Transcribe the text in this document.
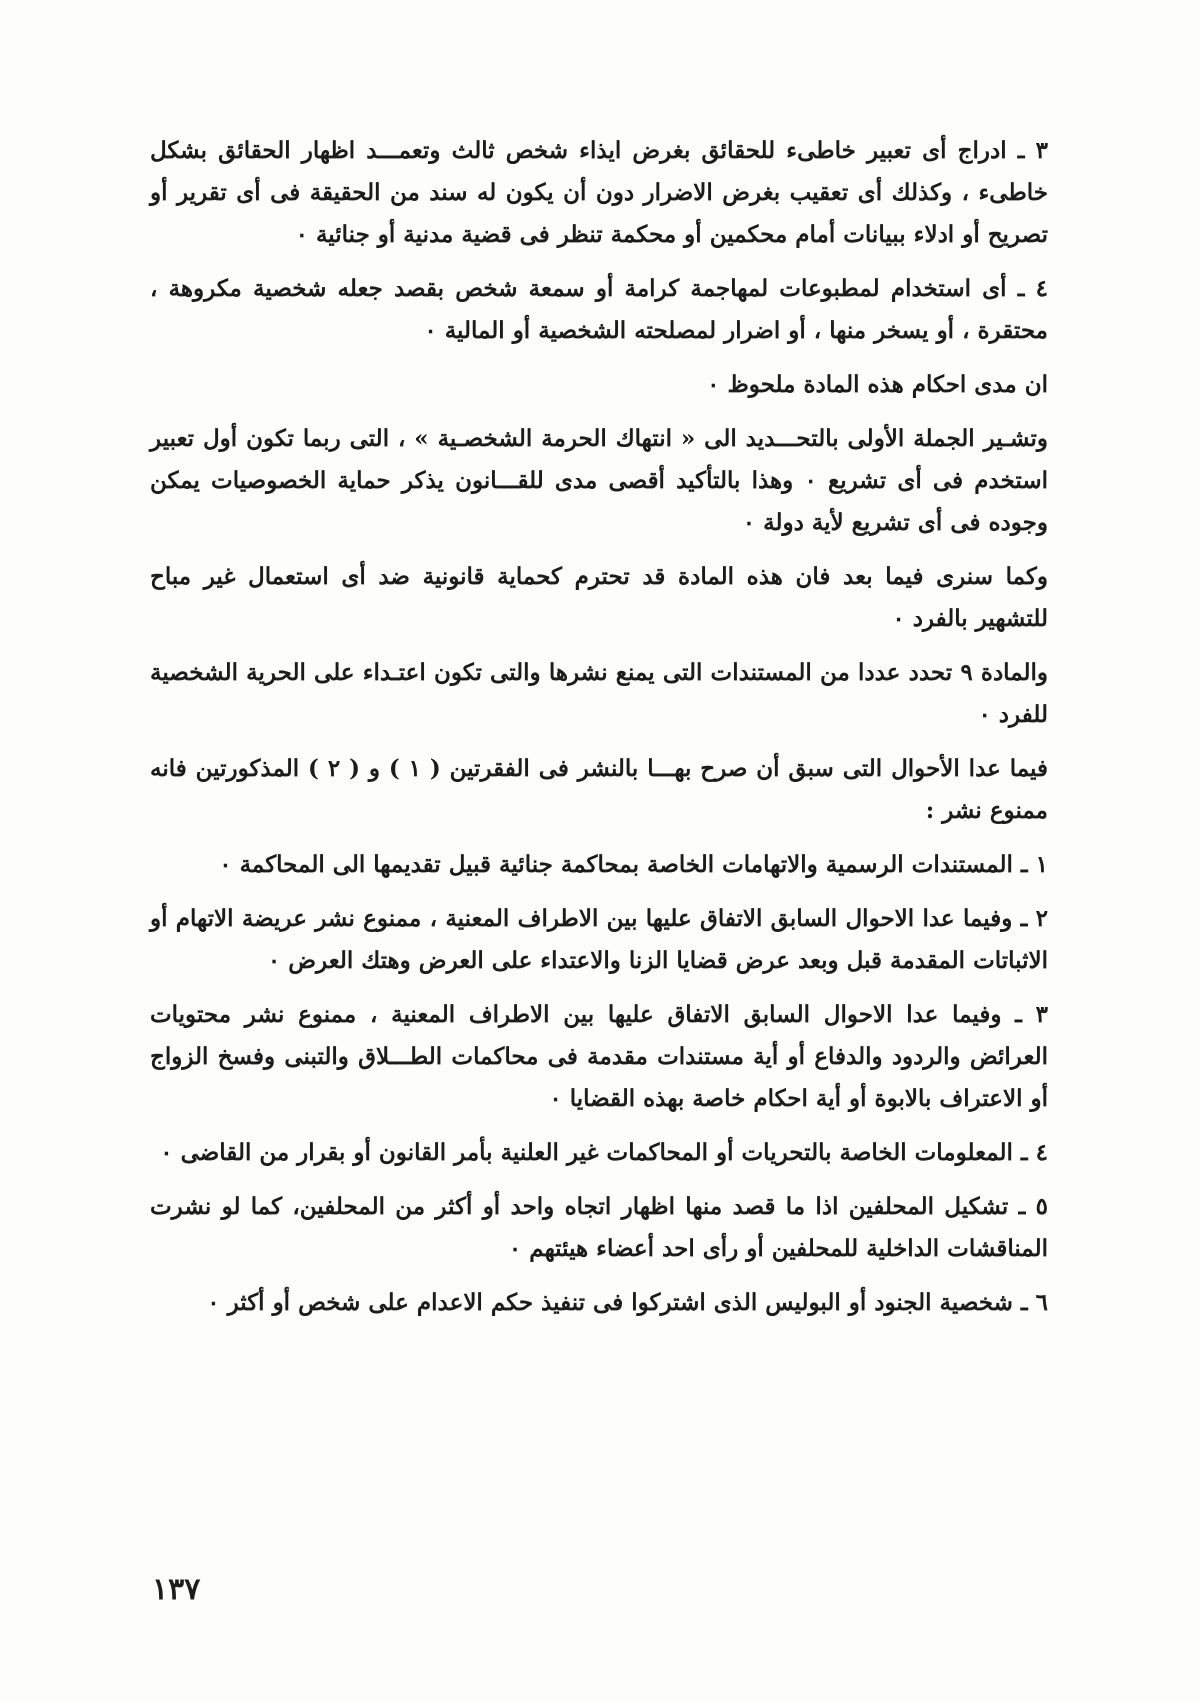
٣ ـ ادراج أى تعبير خاطىء للحقائق بغرض ايذاء شخص ثالث وتعمـــد اظهار الحقائق بشكل خاطىء ، وكذلك أى تعقيب بغرض الاضرار دون أن يكون له سند من الحقيقة فى أى تقرير أو تصريح أو ادلاء ببيانات أمام محكمين أو محكمة تنظر فى قضية مدنية أو جنائية ٠

٤ ـ أى استخدام لمطبوعات لمهاجمة كرامة أو سمعة شخص بقصد جعله شخصية مكروهة ، محتقرة ، أو يسخر منها ، أو اضرار لمصلحته الشخصية أو المالية ٠

ان مدى احكام هذه المادة ملحوظ ٠

وتشـير الجملة الأولى بالتحـــديد الى « انتهاك الحرمة الشخصـية » ، التى ربما تكون أول تعبير استخدم فى أى تشريع ٠ وهذا بالتأكيد أقصى مدى للقـــانون يذكر حماية الخصوصيات يمكن وجوده فى أى تشريع لأية دولة ٠

وكما سنرى فيما بعد فان هذه المادة قد تحترم كحماية قانونية ضد أى استعمال غير مباح للتشهير بالفرد ٠

والمادة ٩ تحدد عددا من المستندات التى يمنع نشرها والتى تكون اعتـداء على الحرية الشخصية للفرد ٠

فيما عدا الأحوال التى سبق أن صرح بهـــا بالنشر فى الفقرتين ( ١ ) و ( ٢ ) المذكورتين فانه ممنوع نشر :

١ ـ المستندات الرسمية والاتهامات الخاصة بمحاكمة جنائية قبيل تقديمها الى المحاكمة ٠

٢ ـ وفيما عدا الاحوال السابق الاتفاق عليها بين الاطراف المعنية ، ممنوع نشر عريضة الاتهام أو الاثباتات المقدمة قبل وبعد عرض قضايا الزنا والاعتداء على العرض وهتك العرض ٠

٣ ـ وفيما عدا الاحوال السابق الاتفاق عليها بين الاطراف المعنية ، ممنوع نشر محتويات العرائض والردود والدفاع أو أية مستندات مقدمة فى محاكمات الطـــلاق والتبنى وفسخ الزواج أو الاعتراف بالابوة أو أية احكام خاصة بهذه القضايا ٠

٤ ـ المعلومات الخاصة بالتحريات أو المحاكمات غير العلنية بأمر القانون أو بقرار من القاضى ٠

٥ ـ تشكيل المحلفين اذا ما قصد منها اظهار اتجاه واحد أو أكثر من المحلفين، كما لو نشرت المناقشات الداخلية للمحلفين أو رأى احد أعضاء هيئتهم ٠

٦ ـ شخصية الجنود أو البوليس الذى اشتركوا فى تنفيذ حكم الاعدام على شخص أو أكثر ٠

١٣٧
